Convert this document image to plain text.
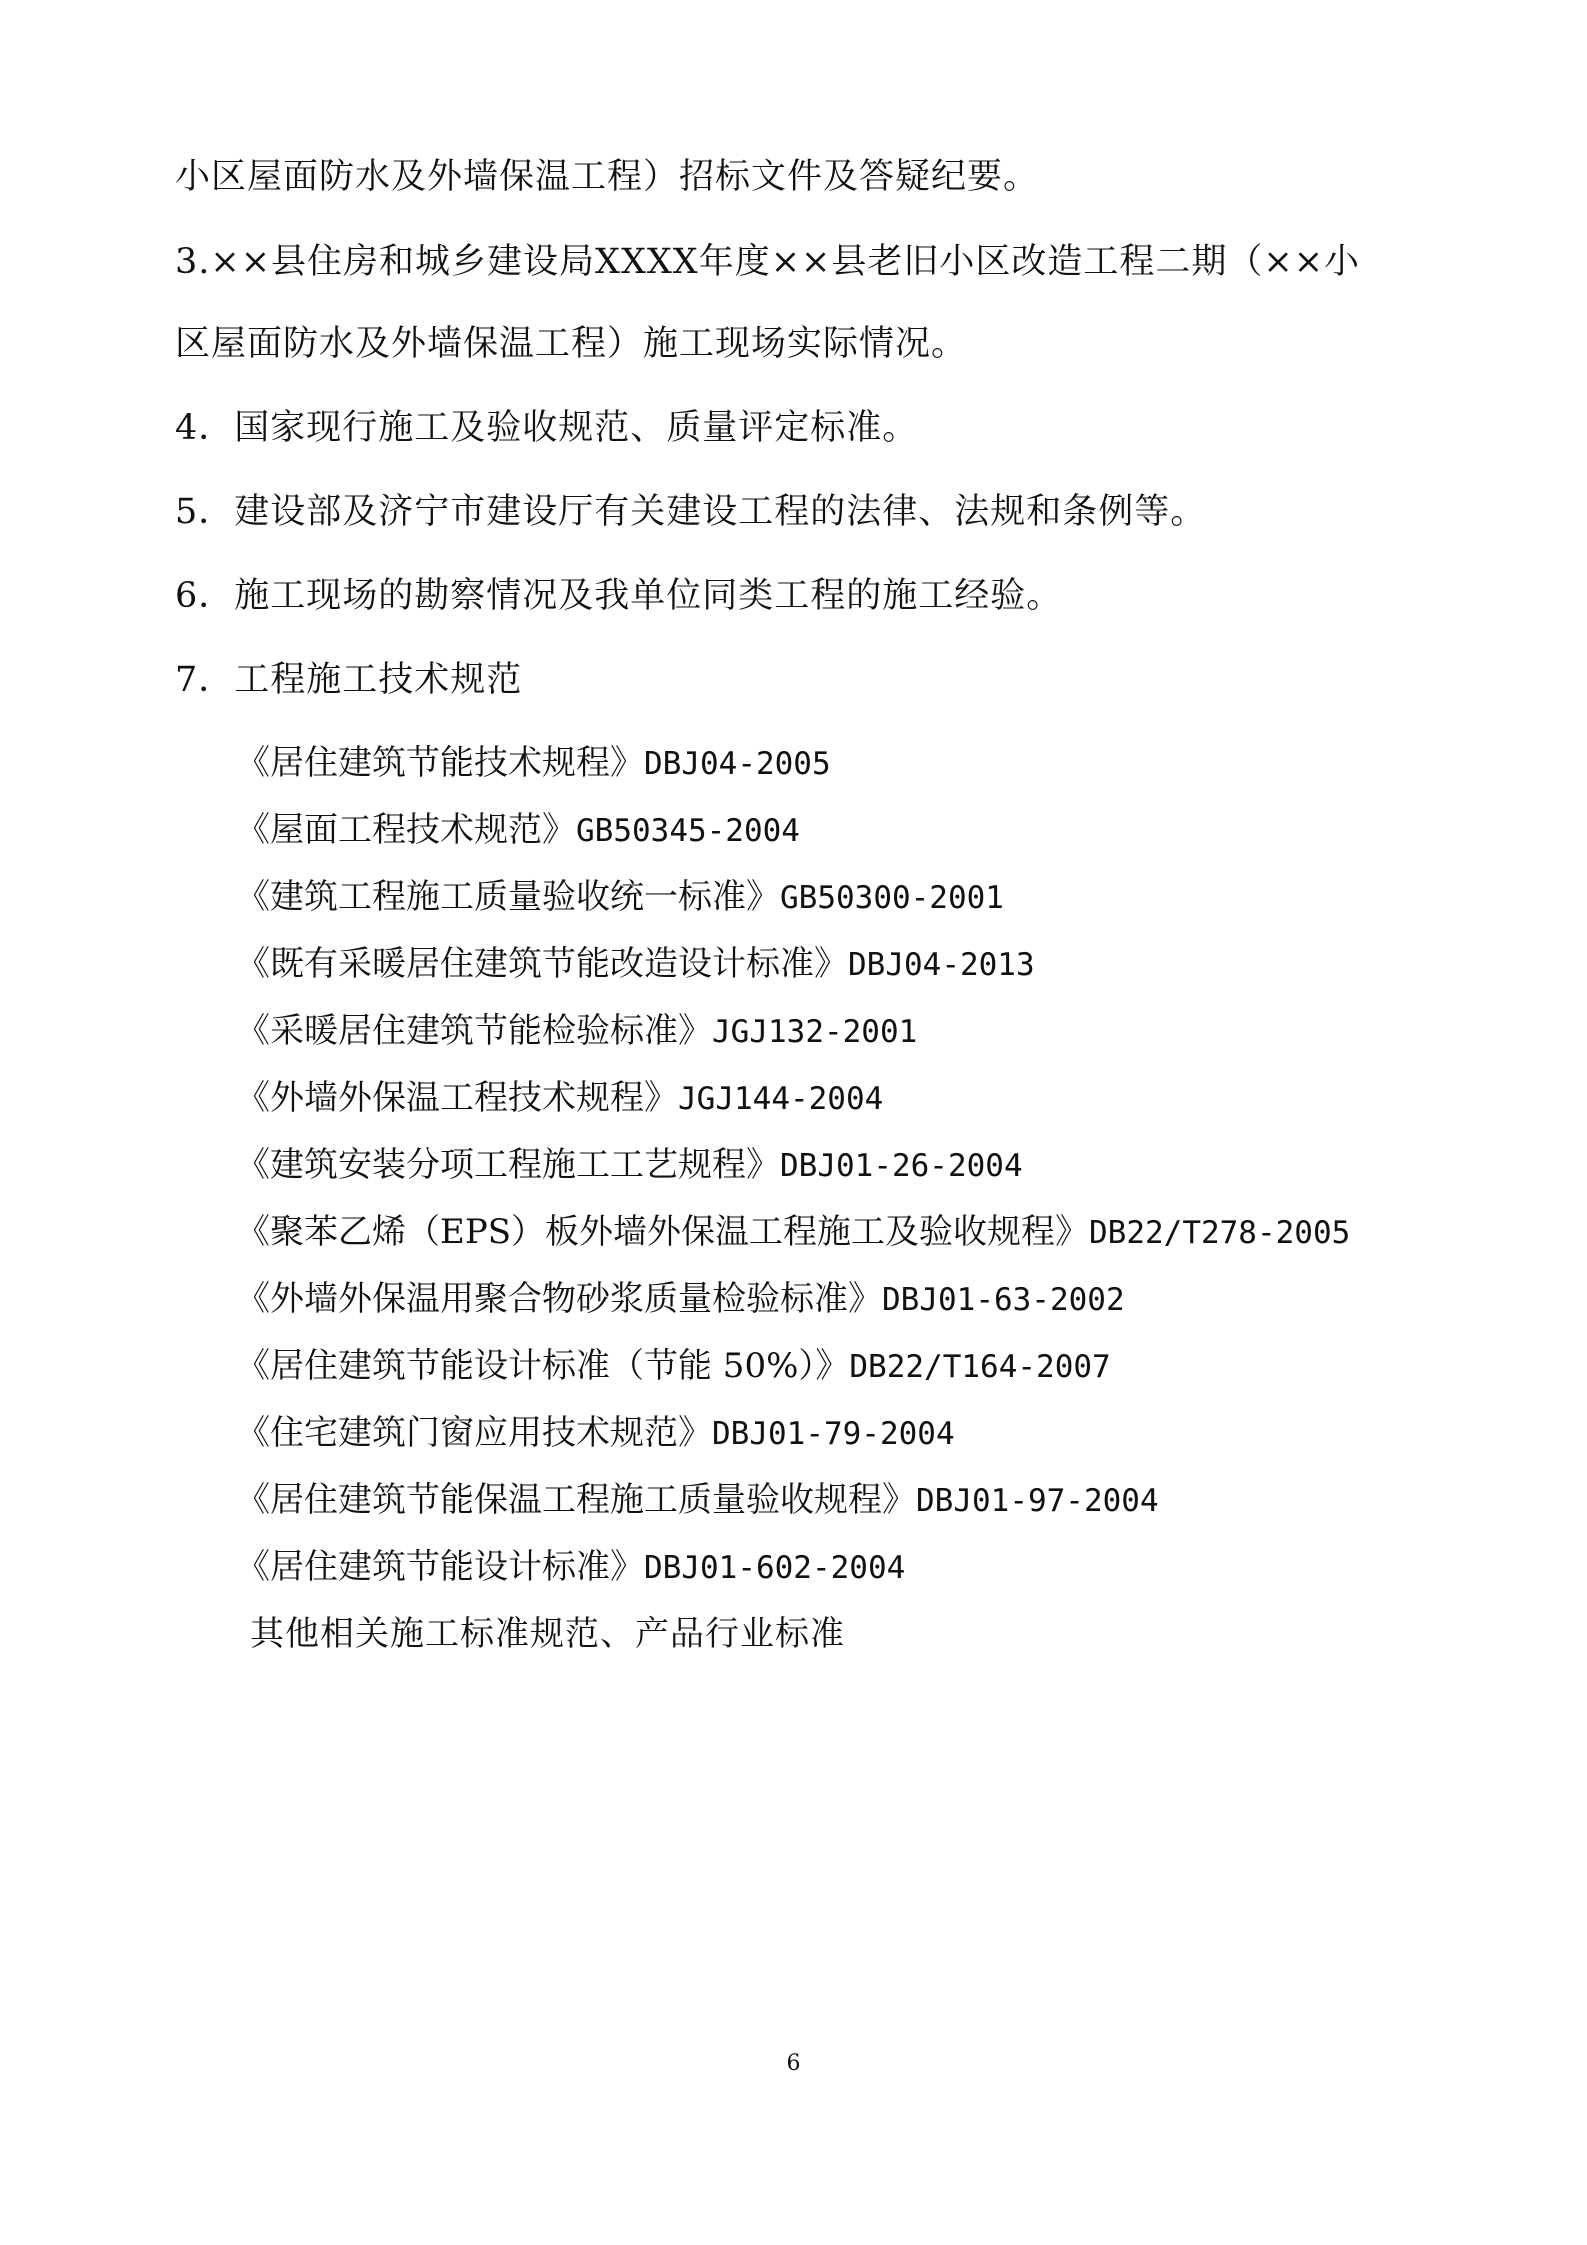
小区屋面防水及外墙保温工程）招标文件及答疑纪要。
3.××县住房和城乡建设局XXXX年度××县老旧小区改造工程二期（××小
区屋面防水及外墙保温工程）施工现场实际情况。
4．国家现行施工及验收规范、质量评定标准。
5．建设部及济宁市建设厅有关建设工程的法律、法规和条例等。
6．施工现场的勘察情况及我单位同类工程的施工经验。
7．工程施工技术规范
《居住建筑节能技术规程》DBJ04-2005
《屋面工程技术规范》GB50345-2004
《建筑工程施工质量验收统一标准》GB50300-2001
《既有采暖居住建筑节能改造设计标准》DBJ04-2013
《采暖居住建筑节能检验标准》JGJ132-2001
《外墙外保温工程技术规程》JGJ144-2004
《建筑安装分项工程施工工艺规程》DBJ01-26-2004
《聚苯乙烯（EPS）板外墙外保温工程施工及验收规程》DB22/T278-2005
《外墙外保温用聚合物砂浆质量检验标准》DBJ01-63-2002
《居住建筑节能设计标准（节能 50%）》DB22/T164-2007
《住宅建筑门窗应用技术规范》DBJ01-79-2004
《居住建筑节能保温工程施工质量验收规程》DBJ01-97-2004
《居住建筑节能设计标准》DBJ01-602-2004
其他相关施工标准规范、产品行业标准
6
